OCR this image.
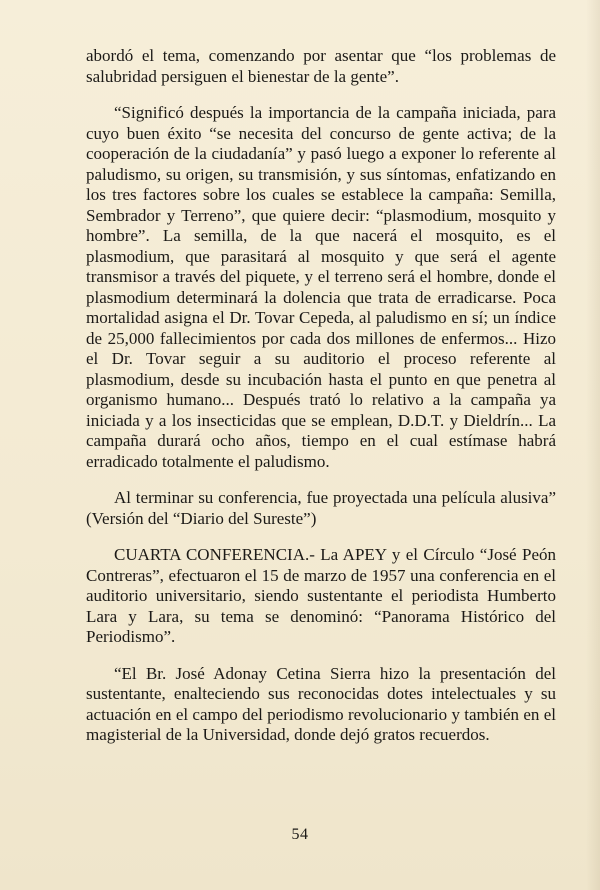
abordó el tema, comenzando por asentar que “los problemas de salubridad persiguen el bienestar de la gente”.

“Significó después la importancia de la campaña iniciada, para cuyo buen éxito “se necesita del concurso de gente activa; de la cooperación de la ciudadanía” y pasó luego a exponer lo referente al paludismo, su origen, su transmisión, y sus síntomas, enfatizando en los tres factores sobre los cuales se establece la campaña: Semilla, Sembrador y Terreno”, que quiere decir: “plasmodium, mosquito y hombre”. La semilla, de la que nacerá el mosquito, es el plasmodium, que parasitará al mosquito y que será el agente transmisor a través del piquete, y el terreno será el hombre, donde el plasmodium determinará la dolencia que trata de erradicarse. Poca mortalidad asigna el Dr. Tovar Cepeda, al paludismo en sí; un índice de 25,000 fallecimientos por cada dos millones de enfermos... Hizo el Dr. Tovar seguir a su auditorio el proceso referente al plasmodium, desde su incubación hasta el punto en que penetra al organismo humano... Después trató lo relativo a la campaña ya iniciada y a los insecticidas que se emplean, D.D.T. y Dieldrín... La campaña durará ocho años, tiempo en el cual estímase habrá erradicado totalmente el paludismo.

Al terminar su conferencia, fue proyectada una película alusiva” (Versión del “Diario del Sureste”)

CUARTA CONFERENCIA.- La APEY y el Círculo “José Peón Contreras”, efectuaron el 15 de marzo de 1957 una conferencia en el auditorio universitario, siendo sustentante el periodista Humberto Lara y Lara, su tema se denominó: “Panorama Histórico del Periodismo”.

“El Br. José Adonay Cetina Sierra hizo la presentación del sustentante, enalteciendo sus reconocidas dotes intelectuales y su actuación en el campo del periodismo revolucionario y también en el magisterial de la Universidad, donde dejó gratos recuerdos.

54
